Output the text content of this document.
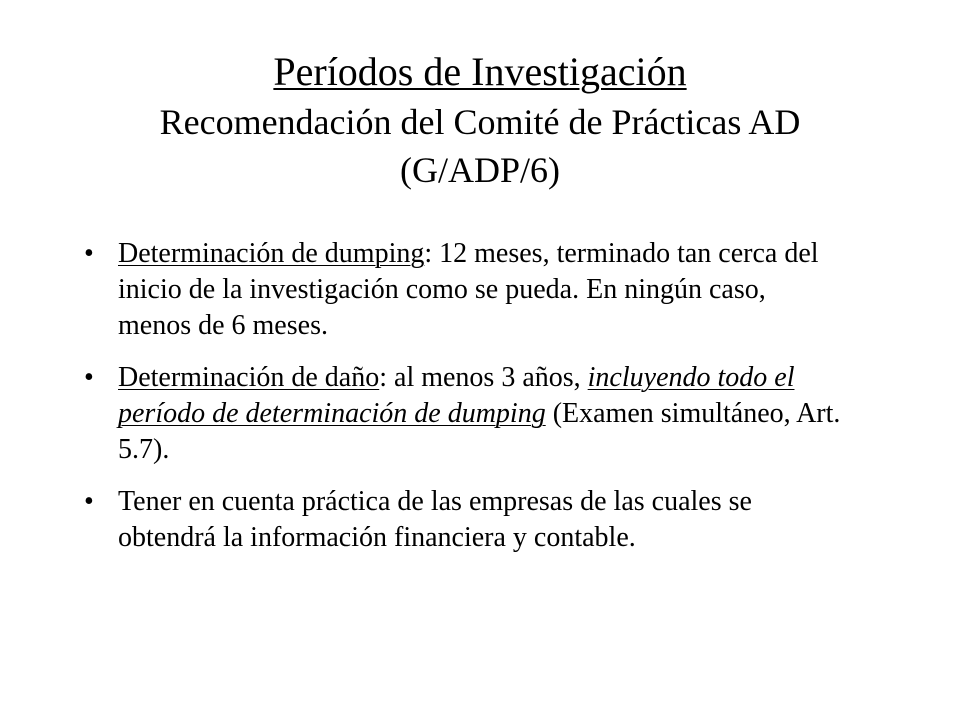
Períodos de Investigación
Recomendación del Comité de Prácticas AD
(G/ADP/6)
• Determinación de dumping: 12 meses, terminado tan cerca del inicio de la investigación como se pueda. En ningún caso, menos de 6 meses.
• Determinación de daño: al menos 3 años, incluyendo todo el período de determinación de dumping (Examen simultáneo, Art. 5.7).
• Tener en cuenta práctica de las empresas de las cuales se obtendrá la información financiera y contable.
